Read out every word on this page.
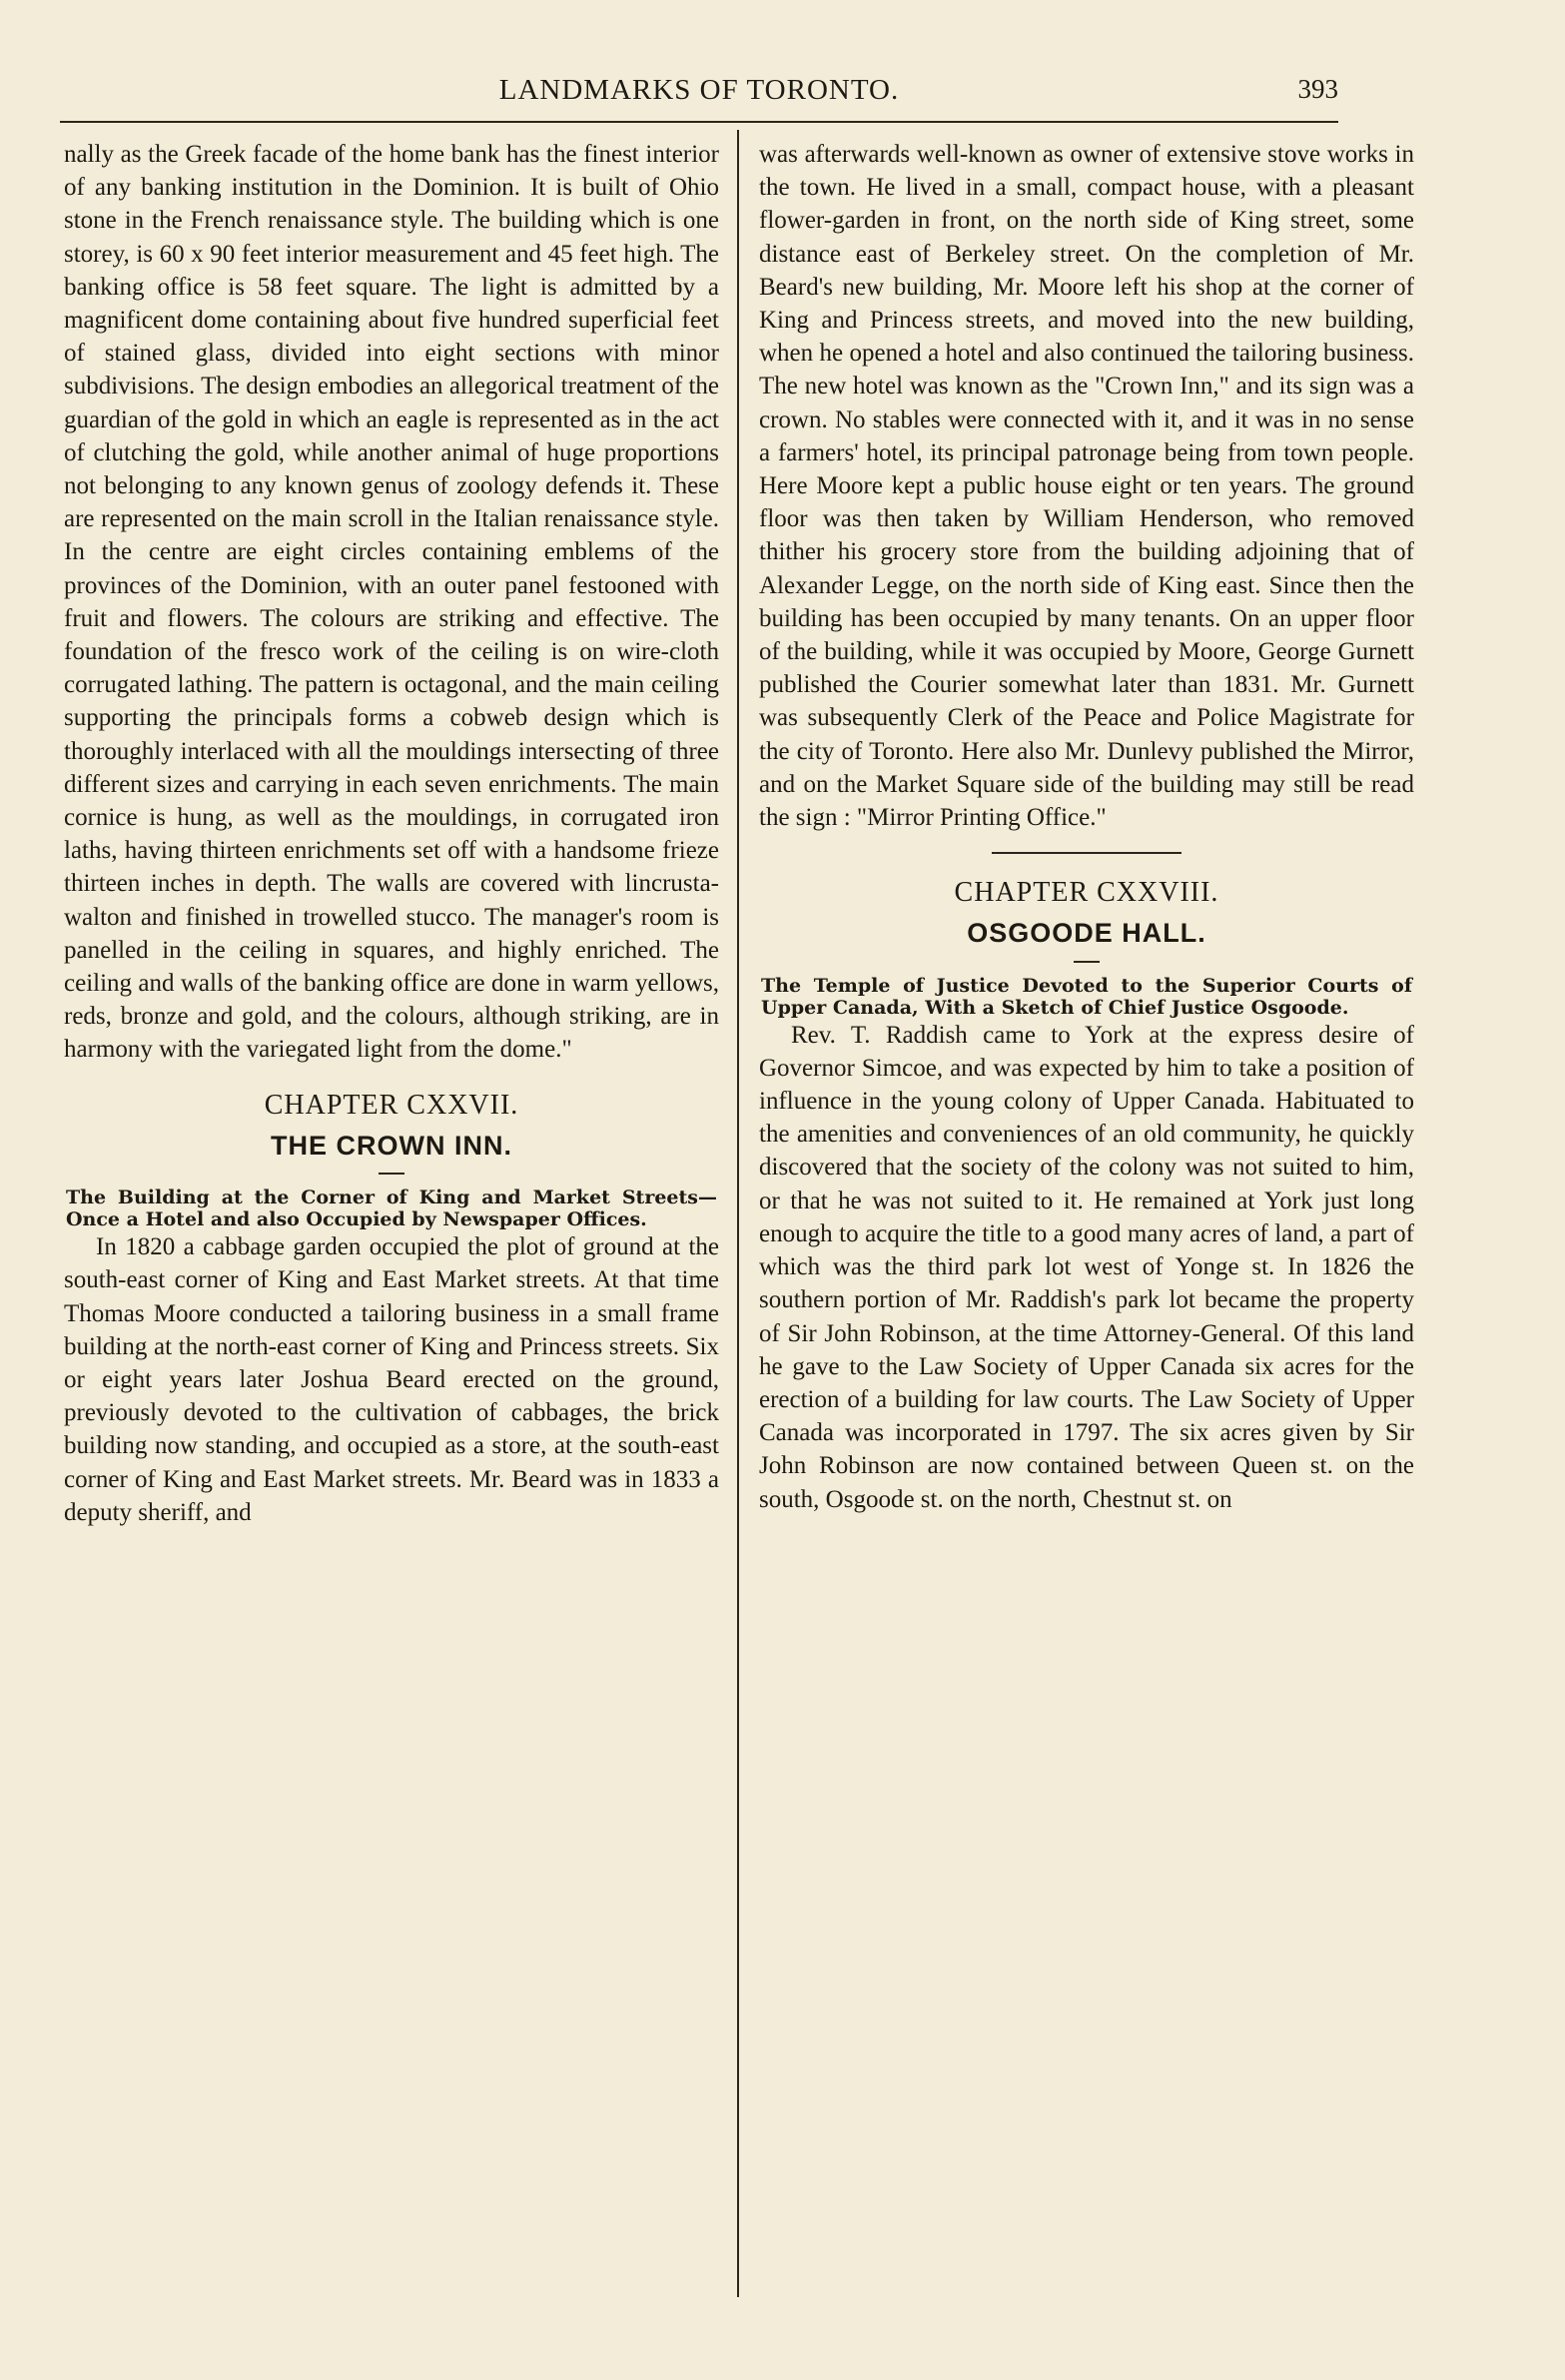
LANDMARKS OF TORONTO.	393

nally as the Greek facade of the home bank has the finest interior of any banking institution in the Dominion. It is built of Ohio stone in the French renaissance style. The building which is one storey, is 60 x 90 feet interior measurement and 45 feet high. The banking office is 58 feet square. The light is admitted by a magnificent dome containing about five hundred superficial feet of stained glass, divided into eight sections with minor subdivisions. The design embodies an allegorical treatment of the guardian of the gold in which an eagle is represented as in the act of clutching the gold, while another animal of huge proportions not belonging to any known genus of zoology defends it. These are represented on the main scroll in the Italian renaissance style. In the centre are eight circles containing emblems of the provinces of the Dominion, with an outer panel festooned with fruit and flowers. The colours are striking and effective. The foundation of the fresco work of the ceiling is on wire-cloth corrugated lathing. The pattern is octagonal, and the main ceiling supporting the principals forms a cobweb design which is thoroughly interlaced with all the mouldings intersecting of three different sizes and carrying in each seven enrichments. The main cornice is hung, as well as the mouldings, in corrugated iron laths, having thirteen enrichments set off with a handsome frieze thirteen inches in depth. The walls are covered with lincrusta-walton and finished in trowelled stucco. The manager's room is panelled in the ceiling in squares, and highly enriched. The ceiling and walls of the banking office are done in warm yellows, reds, bronze and gold, and the colours, although striking, are in harmony with the variegated light from the dome."

CHAPTER CXXVII.
THE CROWN INN.

The Building at the Corner of King and Market Streets—Once a Hotel and also Occupied by Newspaper Offices.

In 1820 a cabbage garden occupied the plot of ground at the south-east corner of King and East Market streets. At that time Thomas Moore conducted a tailoring business in a small frame building at the north-east corner of King and Princess streets. Six or eight years later Joshua Beard erected on the ground, previously devoted to the cultivation of cabbages, the brick building now standing, and occupied as a store, at the south-east corner of King and East Market streets. Mr. Beard was in 1833 a deputy sheriff, and

was afterwards well-known as owner of extensive stove works in the town. He lived in a small, compact house, with a pleasant flower-garden in front, on the north side of King street, some distance east of Berkeley street. On the completion of Mr. Beard's new building, Mr. Moore left his shop at the corner of King and Princess streets, and moved into the new building, when he opened a hotel and also continued the tailoring business. The new hotel was known as the "Crown Inn," and its sign was a crown. No stables were connected with it, and it was in no sense a farmers' hotel, its principal patronage being from town people. Here Moore kept a public house eight or ten years. The ground floor was then taken by William Henderson, who removed thither his grocery store from the building adjoining that of Alexander Legge, on the north side of King east. Since then the building has been occupied by many tenants. On an upper floor of the building, while it was occupied by Moore, George Gurnett published the Courier somewhat later than 1831. Mr. Gurnett was subsequently Clerk of the Peace and Police Magistrate for the city of Toronto. Here also Mr. Dunlevy published the Mirror, and on the Market Square side of the building may still be read the sign : "Mirror Printing Office."

CHAPTER CXXVIII.
OSGOODE HALL.

The Temple of Justice Devoted to the Superior Courts of Upper Canada, With a Sketch of Chief Justice Osgoode.

Rev. T. Raddish came to York at the express desire of Governor Simcoe, and was expected by him to take a position of influence in the young colony of Upper Canada. Habituated to the amenities and conveniences of an old community, he quickly discovered that the society of the colony was not suited to him, or that he was not suited to it. He remained at York just long enough to acquire the title to a good many acres of land, a part of which was the third park lot west of Yonge st. In 1826 the southern portion of Mr. Raddish's park lot became the property of Sir John Robinson, at the time Attorney-General. Of this land he gave to the Law Society of Upper Canada six acres for the erection of a building for law courts. The Law Society of Upper Canada was incorporated in 1797. The six acres given by Sir John Robinson are now contained between Queen st. on the south, Osgoode st. on the north, Chestnut st. on
